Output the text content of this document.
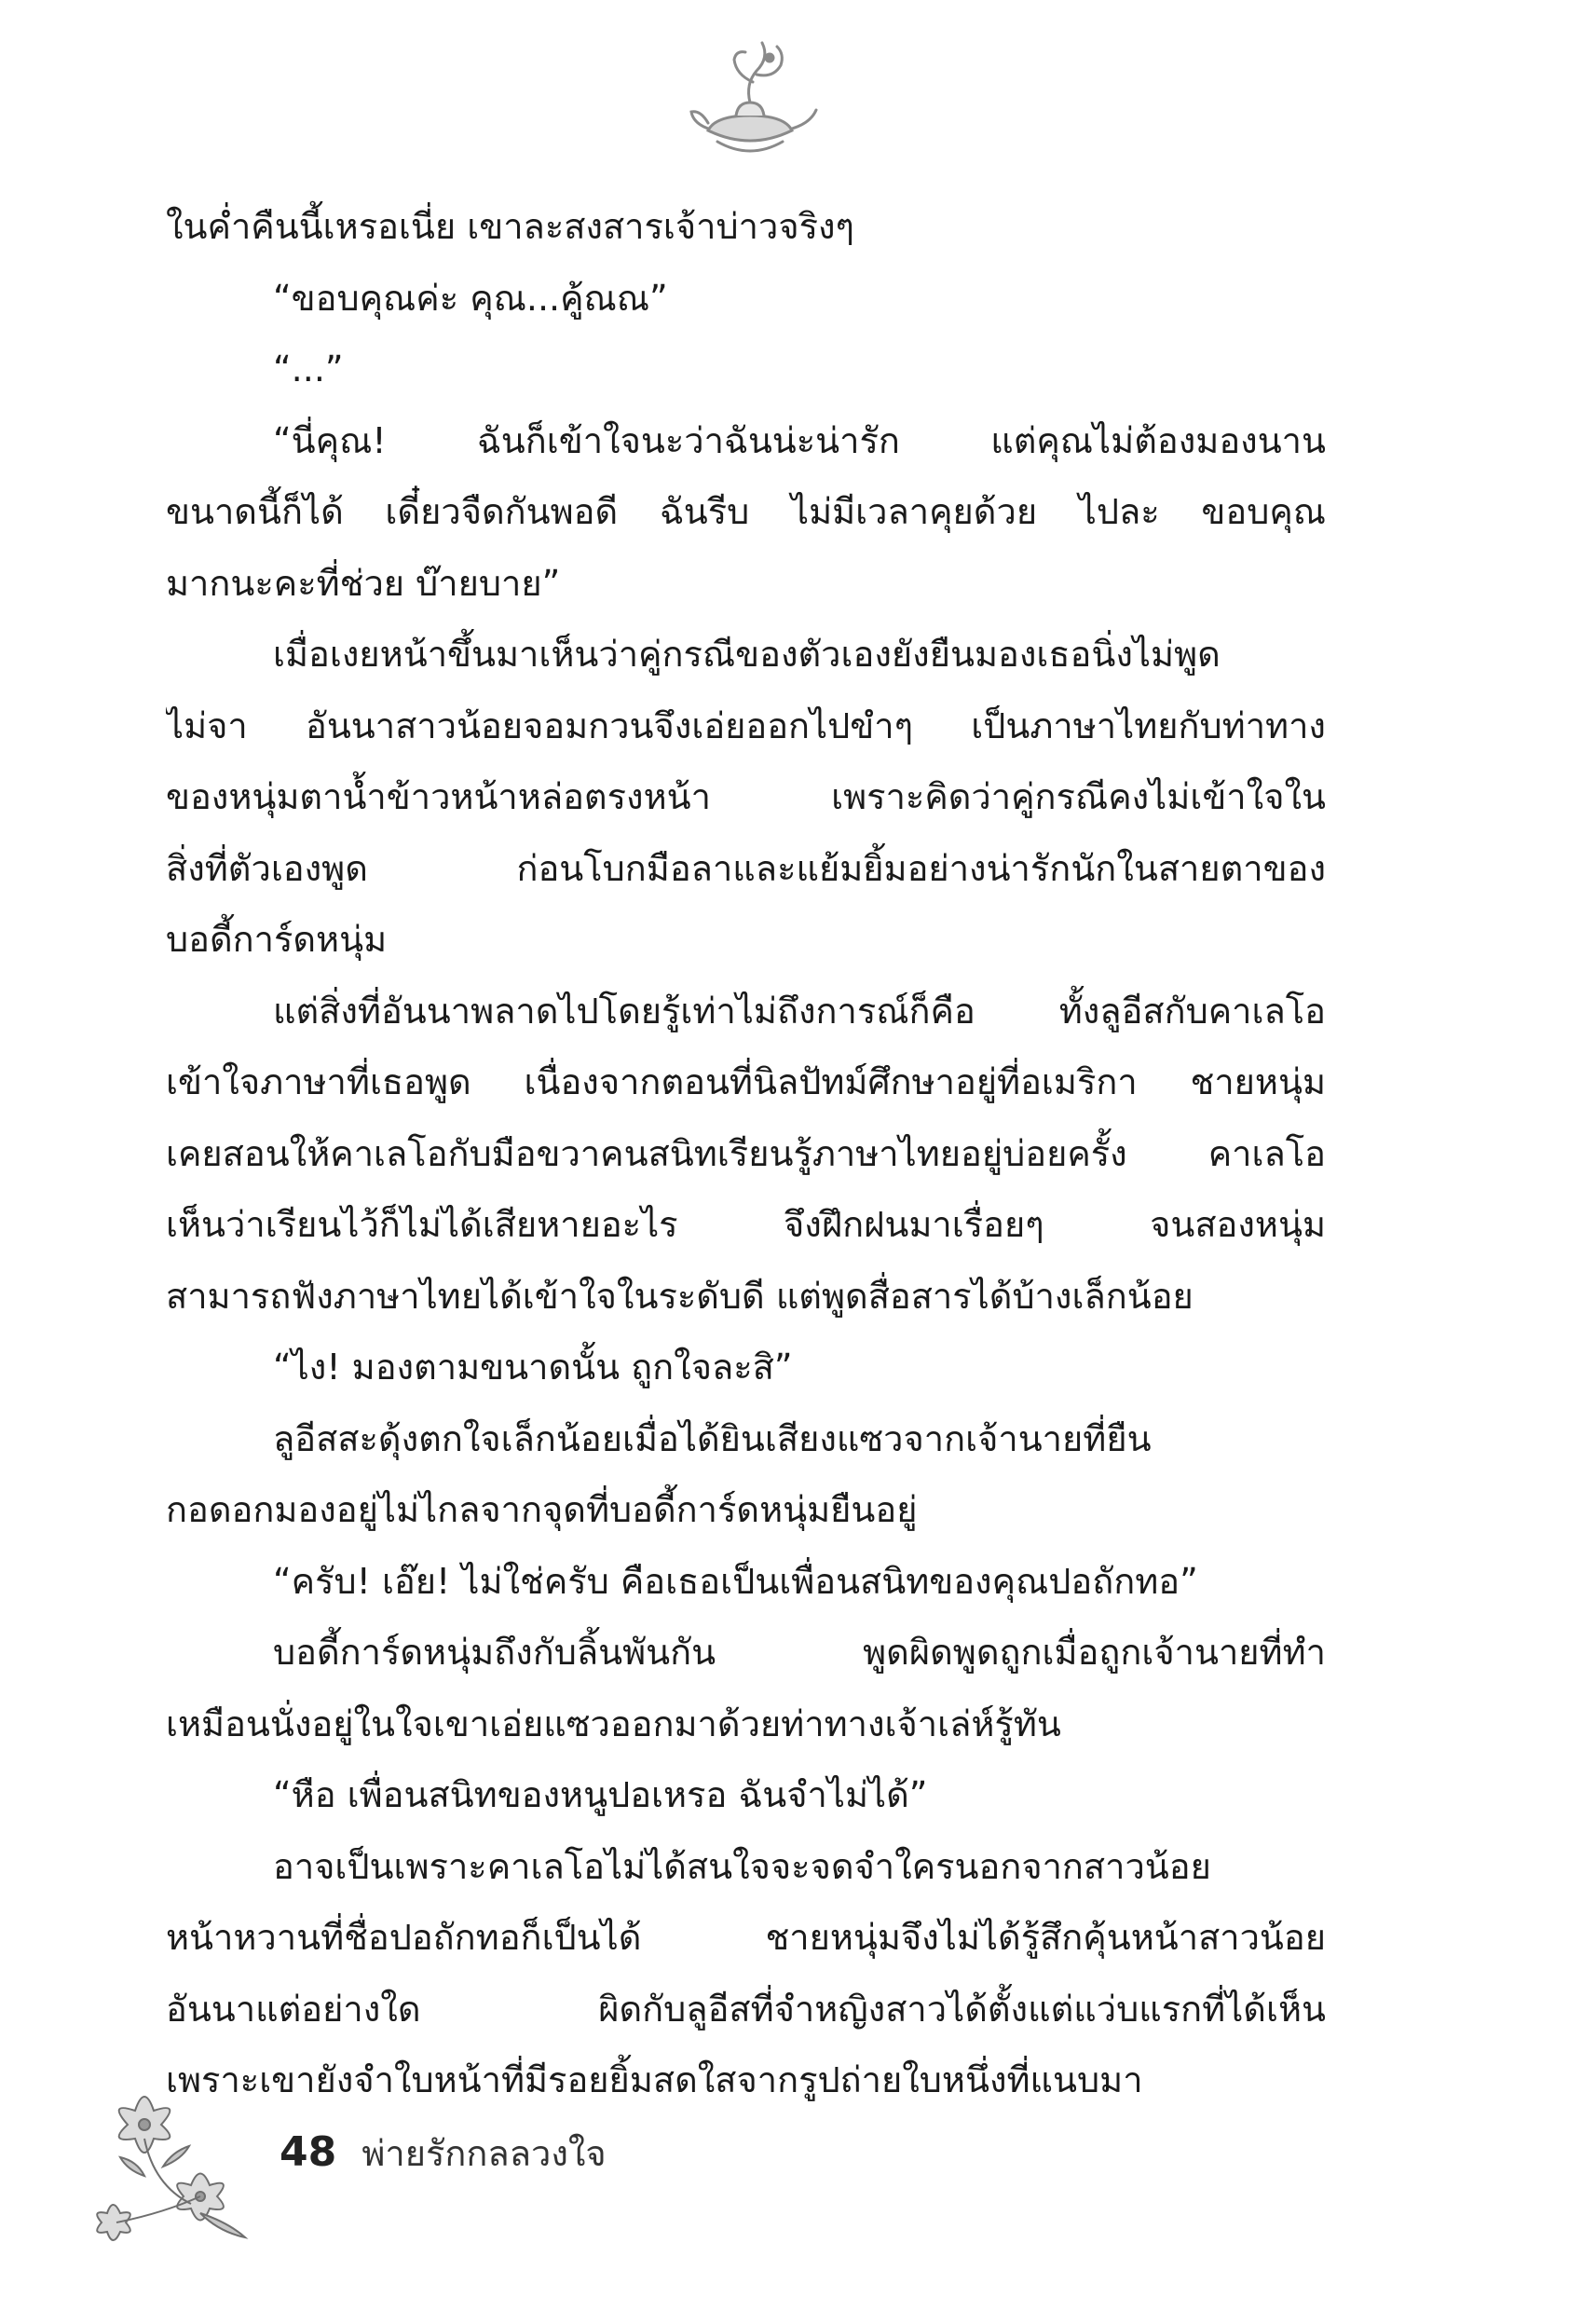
ในค่ำคืนนี้เหรอเนี่ย เขาละสงสารเจ้าบ่าวจริงๆ
“ขอบคุณค่ะ คุณ...คู้ณณ”
“...”
“นี่คุณ! ฉันก็เข้าใจนะว่าฉันน่ะน่ารัก แต่คุณไม่ต้องมองนาน
ขนาดนี้ก็ได้ เดี๋ยวจืดกันพอดี ฉันรีบ ไม่มีเวลาคุยด้วย ไปละ ขอบคุณ
มากนะคะที่ช่วย บ๊ายบาย”
เมื่อเงยหน้าขึ้นมาเห็นว่าคู่กรณีของตัวเองยังยืนมองเธอนิ่งไม่พูด
ไม่จา อันนาสาวน้อยจอมกวนจึงเอ่ยออกไปขำๆ เป็นภาษาไทยกับท่าทาง
ของหนุ่มตาน้ำข้าวหน้าหล่อตรงหน้า เพราะคิดว่าคู่กรณีคงไม่เข้าใจใน
สิ่งที่ตัวเองพูด ก่อนโบกมือลาและแย้มยิ้มอย่างน่ารักนักในสายตาของ
บอดี้การ์ดหนุ่ม
แต่สิ่งที่อันนาพลาดไปโดยรู้เท่าไม่ถึงการณ์ก็คือ ทั้งลูอีสกับคาเลโอ
เข้าใจภาษาที่เธอพูด เนื่องจากตอนที่นิลปัทม์ศึกษาอยู่ที่อเมริกา ชายหนุ่ม
เคยสอนให้คาเลโอกับมือขวาคนสนิทเรียนรู้ภาษาไทยอยู่บ่อยครั้ง คาเลโอ
เห็นว่าเรียนไว้ก็ไม่ได้เสียหายอะไร จึงฝึกฝนมาเรื่อยๆ จนสองหนุ่ม
สามารถฟังภาษาไทยได้เข้าใจในระดับดี แต่พูดสื่อสารได้บ้างเล็กน้อย
“ไง! มองตามขนาดนั้น ถูกใจละสิ”
ลูอีสสะดุ้งตกใจเล็กน้อยเมื่อได้ยินเสียงแซวจากเจ้านายที่ยืน
กอดอกมองอยู่ไม่ไกลจากจุดที่บอดี้การ์ดหนุ่มยืนอยู่
“ครับ! เอ๊ย! ไม่ใช่ครับ คือเธอเป็นเพื่อนสนิทของคุณปอถักทอ”
บอดี้การ์ดหนุ่มถึงกับลิ้นพันกัน พูดผิดพูดถูกเมื่อถูกเจ้านายที่ทำ
เหมือนนั่งอยู่ในใจเขาเอ่ยแซวออกมาด้วยท่าทางเจ้าเล่ห์รู้ทัน
“หือ เพื่อนสนิทของหนูปอเหรอ ฉันจำไม่ได้”
อาจเป็นเพราะคาเลโอไม่ได้สนใจจะจดจำใครนอกจากสาวน้อย
หน้าหวานที่ชื่อปอถักทอก็เป็นได้ ชายหนุ่มจึงไม่ได้รู้สึกคุ้นหน้าสาวน้อย
อันนาแต่อย่างใด ผิดกับลูอีสที่จำหญิงสาวได้ตั้งแต่แว่บแรกที่ได้เห็น
เพราะเขายังจำใบหน้าที่มีรอยยิ้มสดใสจากรูปถ่ายใบหนึ่งที่แนบมา
48 พ่ายรักกลลวงใจ
